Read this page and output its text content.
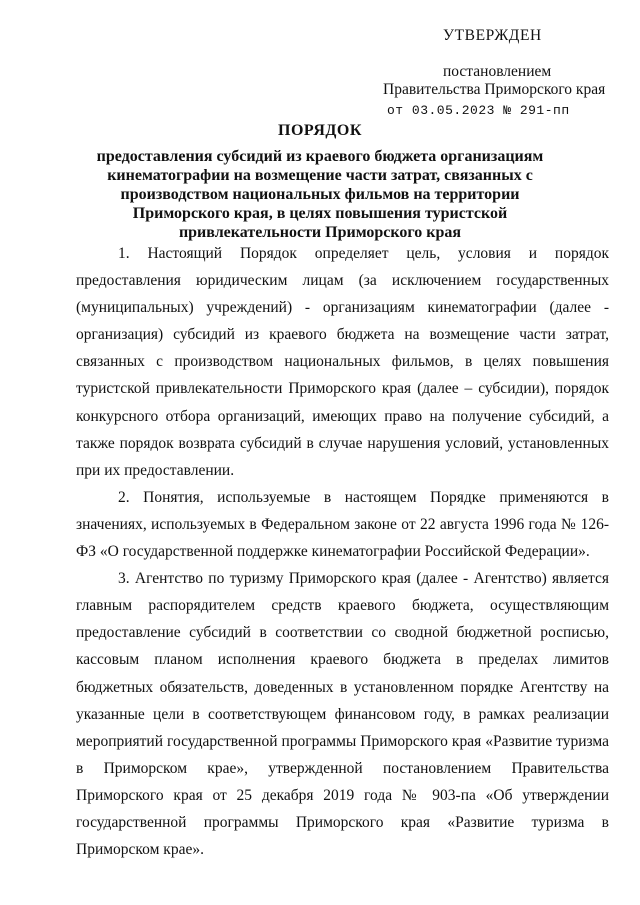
УТВЕРЖДЕН
постановлением
Правительства Приморского края
от 03.05.2023 № 291-пп
ПОРЯДОК
предоставления субсидий из краевого бюджета организациям кинематографии на возмещение части затрат, связанных с производством национальных фильмов на территории Приморского края, в целях повышения туристской привлекательности Приморского края

1. Настоящий Порядок определяет цель, условия и порядок предоставления юридическим лицам (за исключением государственных (муниципальных) учреждений) - организациям кинематографии (далее - организация) субсидий из краевого бюджета на возмещение части затрат, связанных с производством национальных фильмов, в целях повышения туристской привлекательности Приморского края (далее – субсидии), порядок конкурсного отбора организаций, имеющих право на получение субсидий, а также порядок возврата субсидий в случае нарушения условий, установленных при их предоставлении.

2. Понятия, используемые в настоящем Порядке применяются в значениях, используемых в Федеральном законе от 22 августа 1996 года № 126-ФЗ «О государственной поддержке кинематографии Российской Федерации».

3. Агентство по туризму Приморского края (далее - Агентство) является главным распорядителем средств краевого бюджета, осуществляющим предоставление субсидий в соответствии со сводной бюджетной росписью, кассовым планом исполнения краевого бюджета в пределах лимитов бюджетных обязательств, доведенных в установленном порядке Агентству на указанные цели в соответствующем финансовом году, в рамках реализации мероприятий государственной программы Приморского края «Развитие туризма в Приморском крае», утвержденной постановлением Правительства Приморского края от 25 декабря 2019 года № 903-па «Об утверждении государственной программы Приморского края «Развитие туризма в Приморском крае».
